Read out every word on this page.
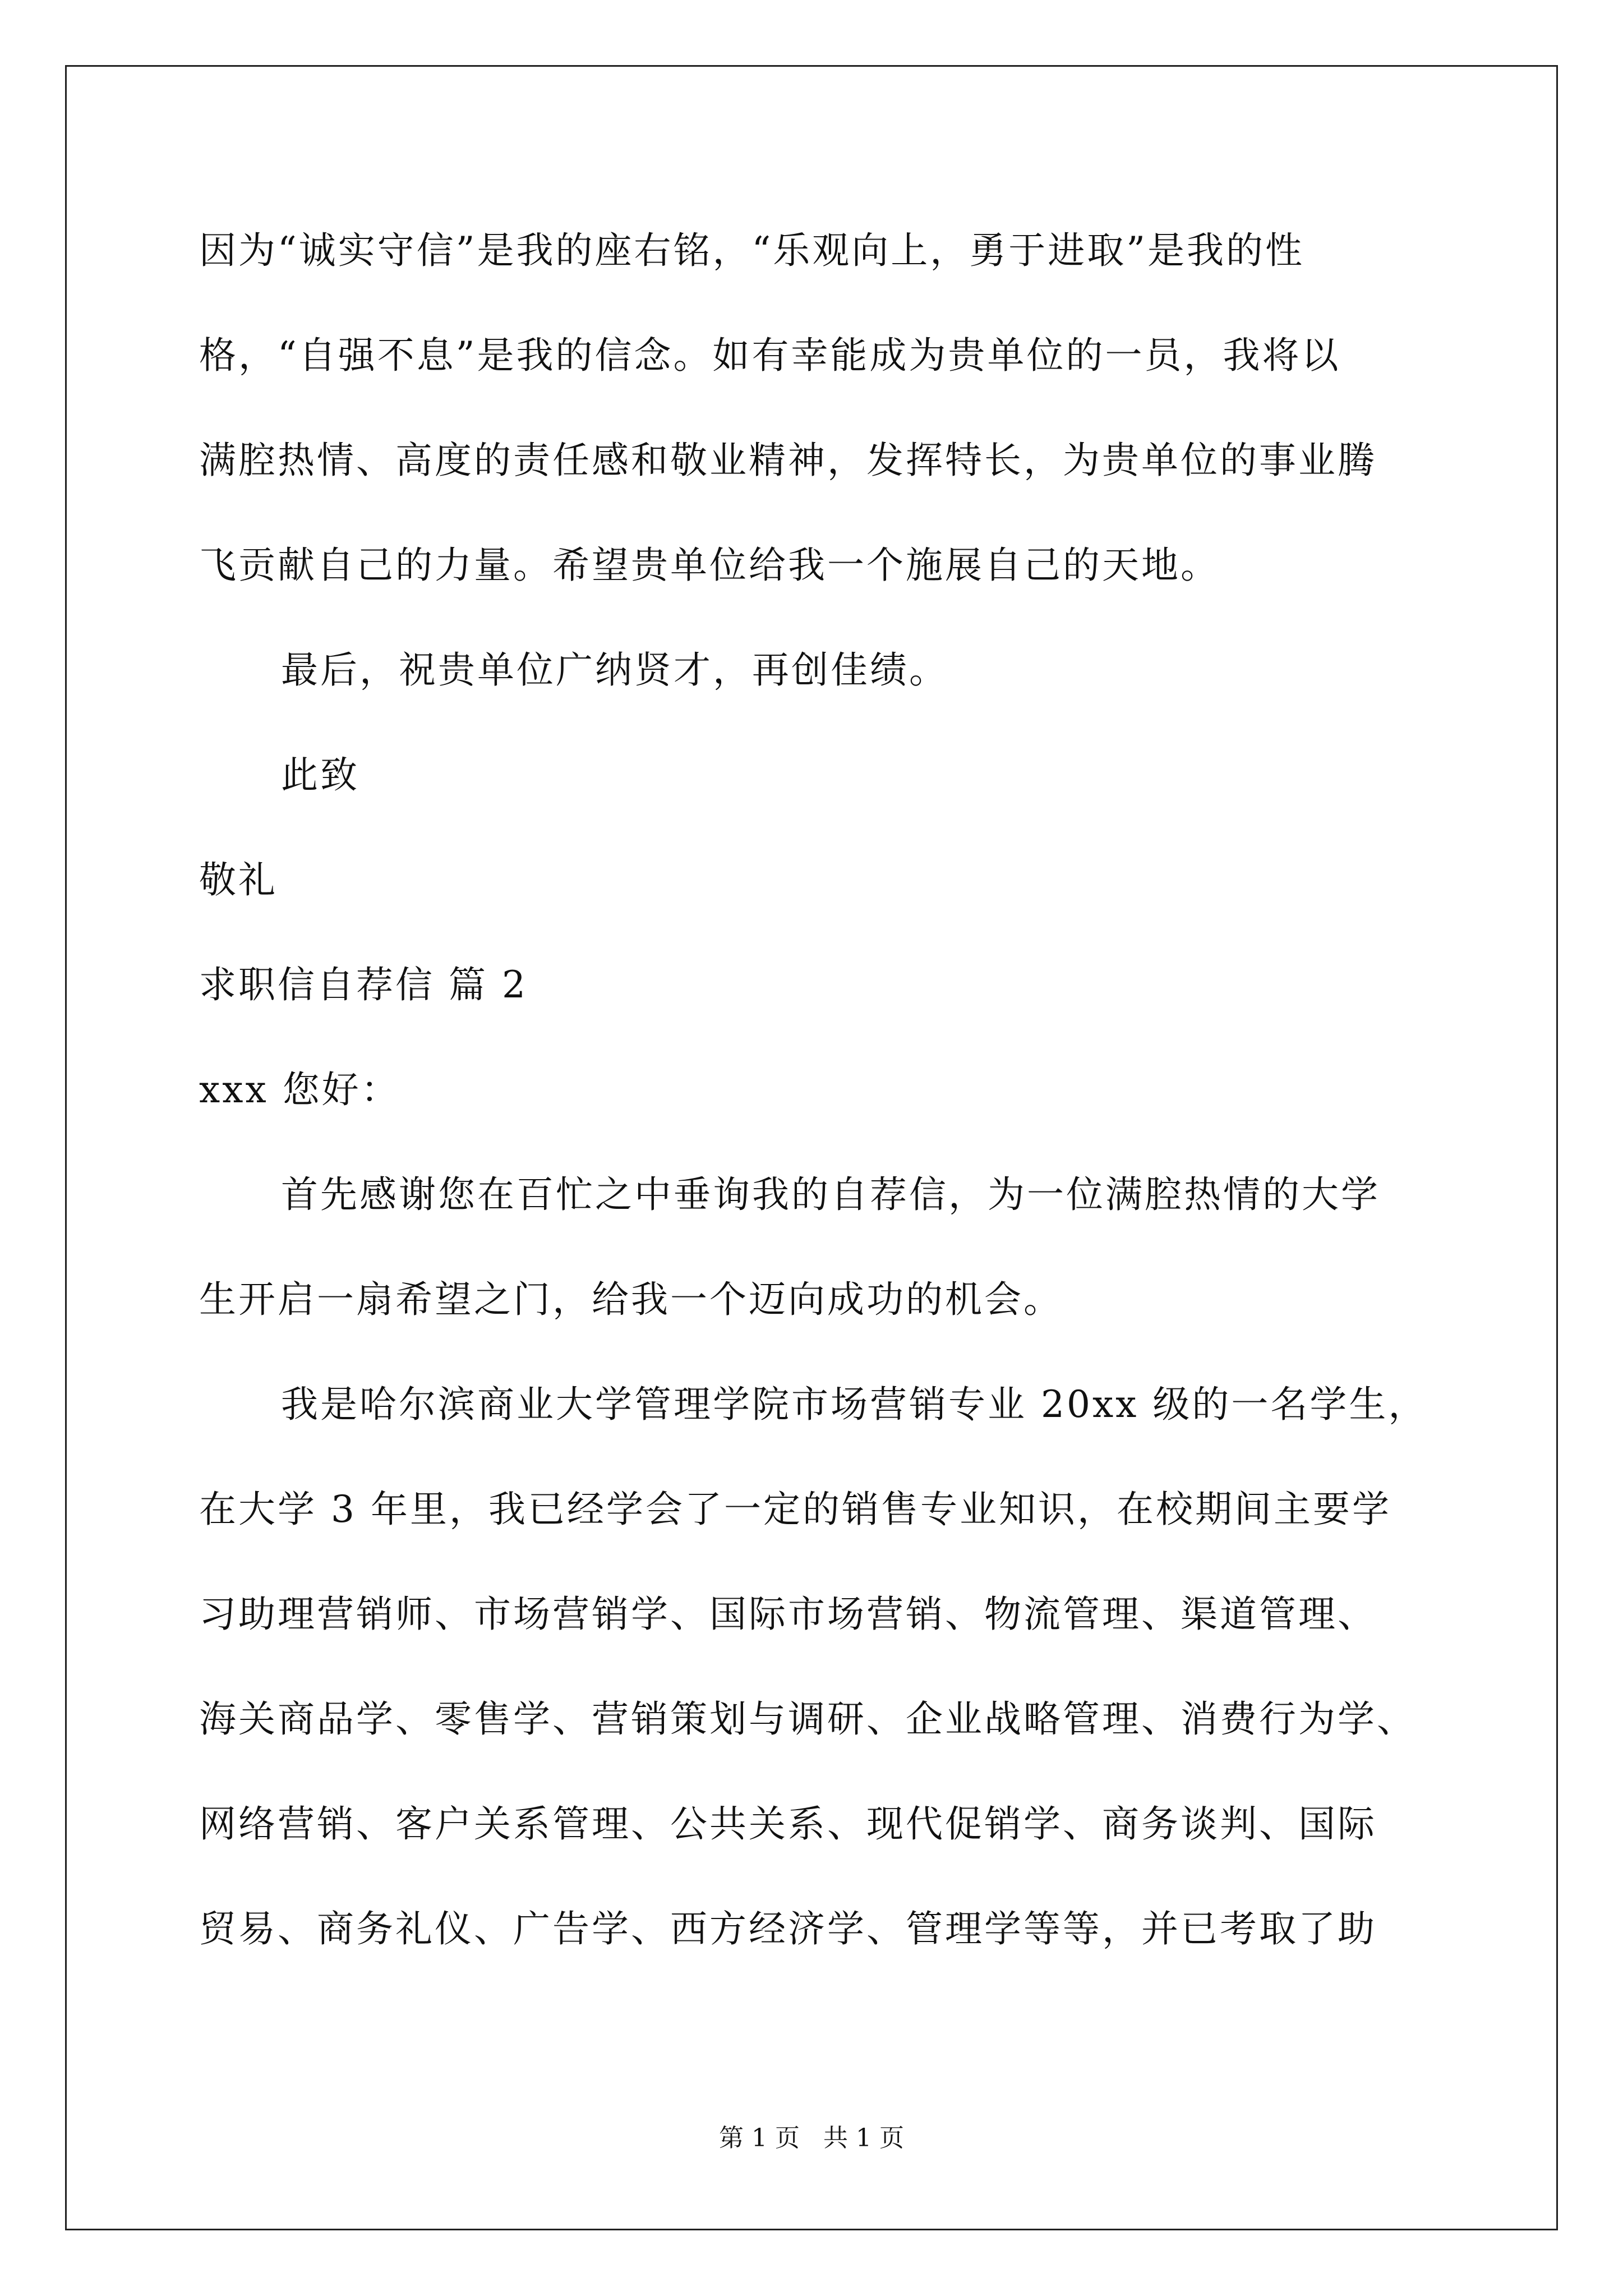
因为“诚实守信”是我的座右铭，“乐观向上，勇于进取”是我的性
格，“自强不息”是我的信念。如有幸能成为贵单位的一员，我将以
满腔热情、高度的责任感和敬业精神，发挥特长，为贵单位的事业腾
飞贡献自己的力量。希望贵单位给我一个施展自己的天地。
最后，祝贵单位广纳贤才，再创佳绩。
此致
敬礼
求职信自荐信 篇 2
xxx 您好：
首先感谢您在百忙之中垂询我的自荐信，为一位满腔热情的大学
生开启一扇希望之门，给我一个迈向成功的机会。
我是哈尔滨商业大学管理学院市场营销专业 20xx 级的一名学生，
在大学 3 年里，我已经学会了一定的销售专业知识，在校期间主要学
习助理营销师、市场营销学、国际市场营销、物流管理、渠道管理、
海关商品学、零售学、营销策划与调研、企业战略管理、消费行为学、
网络营销、客户关系管理、公共关系、现代促销学、商务谈判、国际
贸易、商务礼仪、广告学、西方经济学、管理学等等，并已考取了助
第 1 页   共 1 页
